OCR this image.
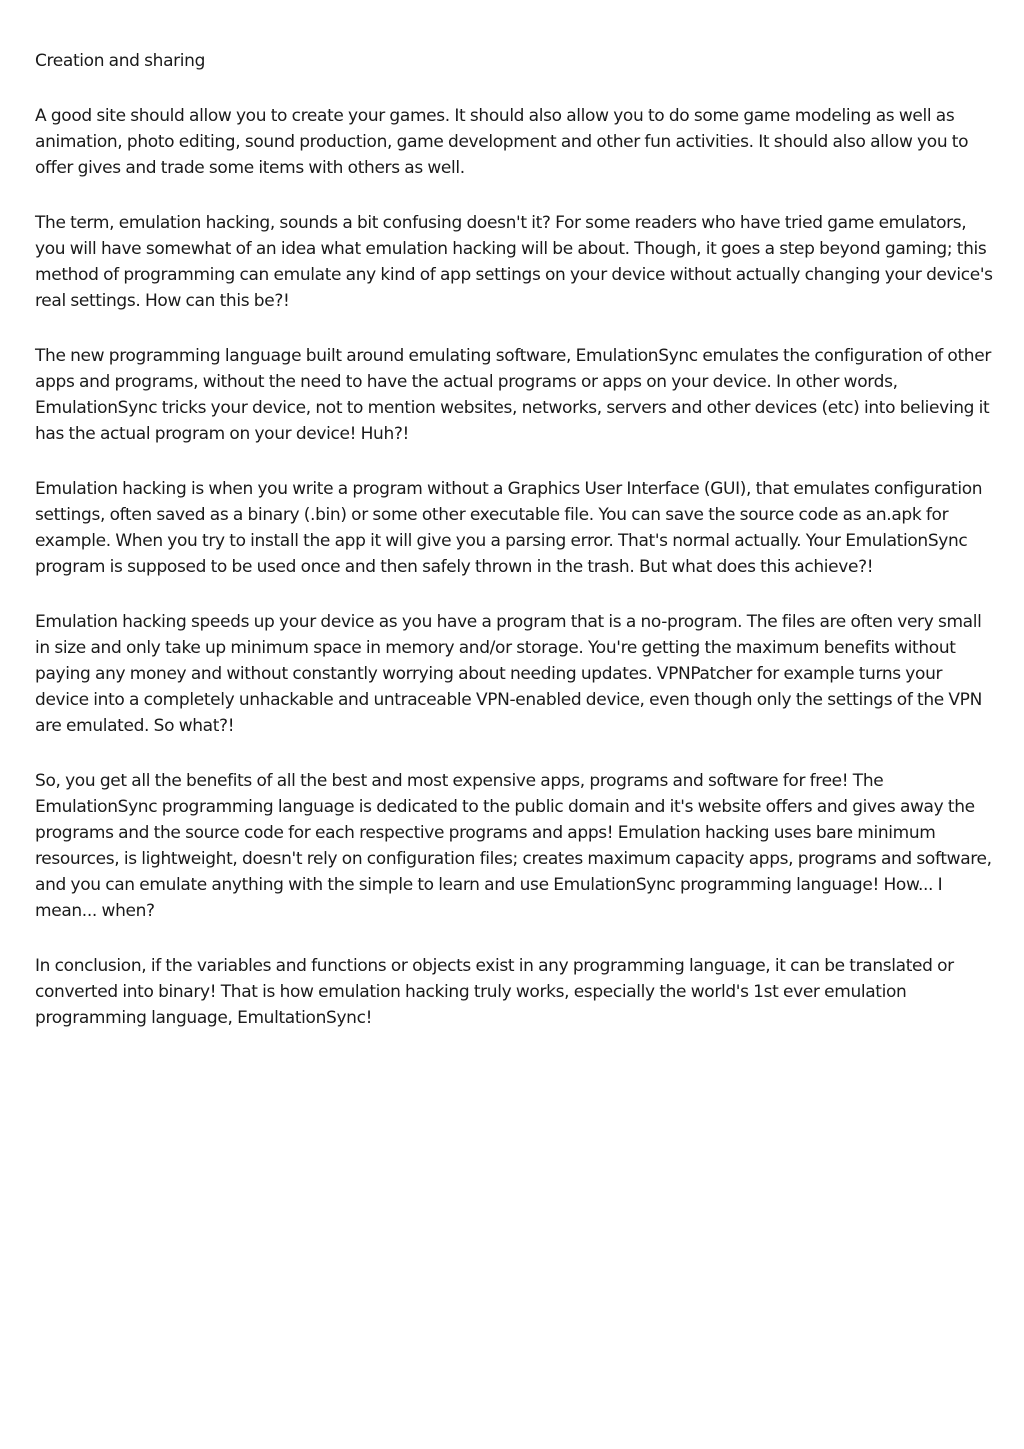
Creation and sharing

A good site should allow you to create your games. It should also allow you to do some game modeling as well as animation, photo editing, sound production, game development and other fun activities. It should also allow you to offer gives and trade some items with others as well.

The term, emulation hacking, sounds a bit confusing doesn't it? For some readers who have tried game emulators, you will have somewhat of an idea what emulation hacking will be about. Though, it goes a step beyond gaming; this method of programming can emulate any kind of app settings on your device without actually changing your device's real settings. How can this be?!

The new programming language built around emulating software, EmulationSync emulates the configuration of other apps and programs, without the need to have the actual programs or apps on your device. In other words, EmulationSync tricks your device, not to mention websites, networks, servers and other devices (etc) into believing it has the actual program on your device! Huh?!

Emulation hacking is when you write a program without a Graphics User Interface (GUI), that emulates configuration settings, often saved as a binary (.bin) or some other executable file. You can save the source code as an.apk for example. When you try to install the app it will give you a parsing error. That's normal actually. Your EmulationSync program is supposed to be used once and then safely thrown in the trash. But what does this achieve?!

Emulation hacking speeds up your device as you have a program that is a no-program. The files are often very small in size and only take up minimum space in memory and/or storage. You're getting the maximum benefits without paying any money and without constantly worrying about needing updates. VPNPatcher for example turns your device into a completely unhackable and untraceable VPN-enabled device, even though only the settings of the VPN are emulated. So what?!

So, you get all the benefits of all the best and most expensive apps, programs and software for free! The EmulationSync programming language is dedicated to the public domain and it's website offers and gives away the programs and the source code for each respective programs and apps! Emulation hacking uses bare minimum resources, is lightweight, doesn't rely on configuration files; creates maximum capacity apps, programs and software, and you can emulate anything with the simple to learn and use EmulationSync programming language! How... I mean... when?

In conclusion, if the variables and functions or objects exist in any programming language, it can be translated or converted into binary! That is how emulation hacking truly works, especially the world's 1st ever emulation programming language, EmultationSync!
